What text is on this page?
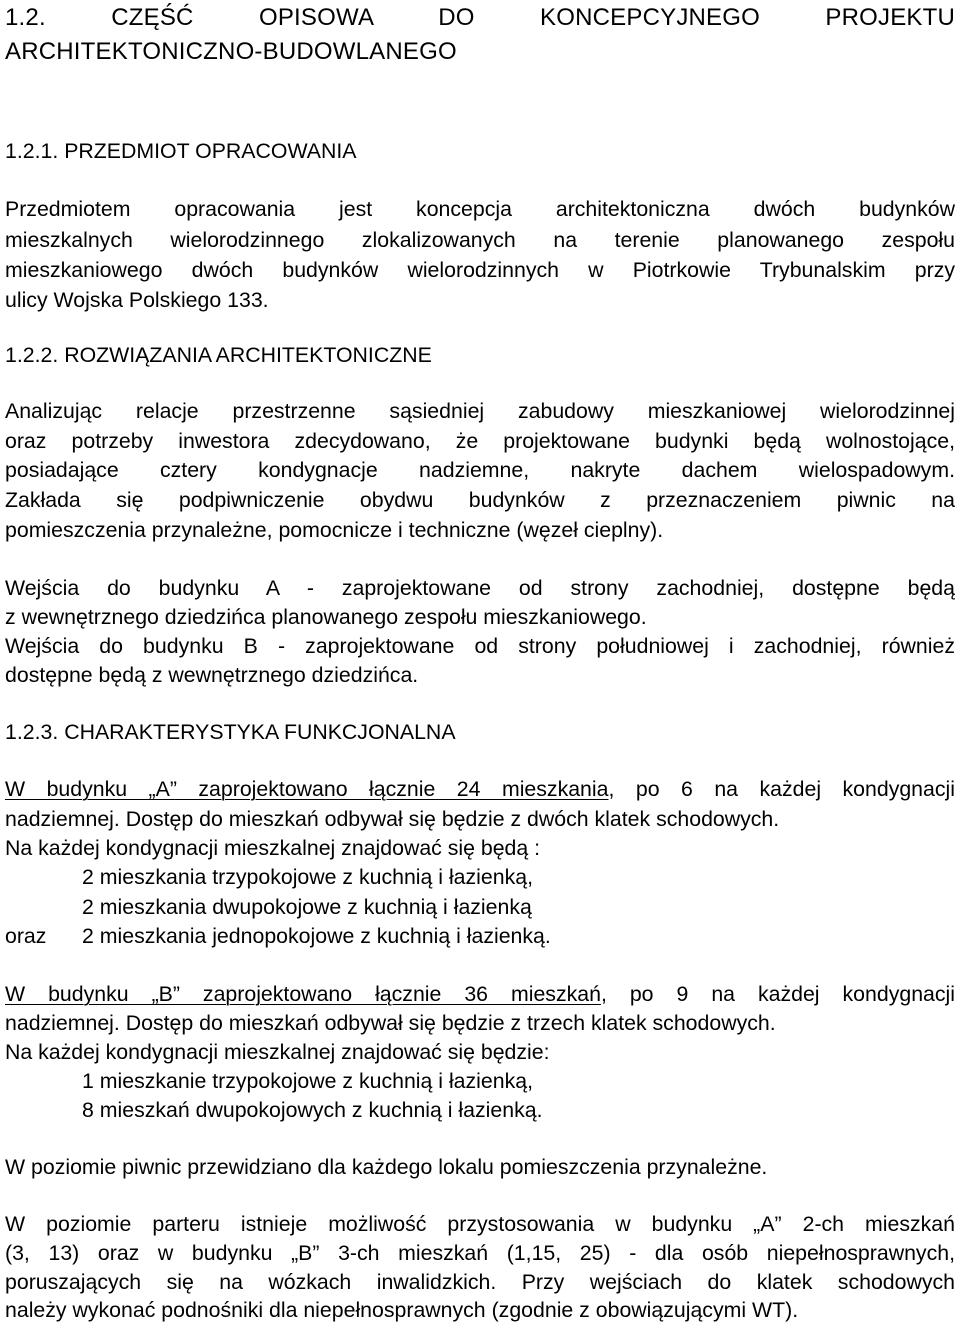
1.2.	CZĘŚĆ	OPISOWA	DO	KONCEPCYJNEGO	PROJEKTU
ARCHITEKTONICZNO-BUDOWLANEGO
1.2.1. PRZEDMIOT OPRACOWANIA
Przedmiotem opracowania jest koncepcja architektoniczna dwóch budynków
mieszkalnych wielorodzinnego zlokalizowanych na terenie planowanego zespołu
mieszkaniowego dwóch budynków wielorodzinnych w Piotrkowie Trybunalskim przy
ulicy Wojska Polskiego 133.
1.2.2. ROZWIĄZANIA ARCHITEKTONICZNE
Analizując relacje przestrzenne sąsiedniej zabudowy mieszkaniowej wielorodzinnej
oraz potrzeby inwestora zdecydowano, że projektowane budynki będą wolnostojące,
posiadające cztery kondygnacje nadziemne, nakryte dachem wielospadowym.
Zakłada się podpiwniczenie obydwu budynków z przeznaczeniem piwnic na
pomieszczenia przynależne, pomocnicze i techniczne (węzeł cieplny).
Wejścia do budynku A - zaprojektowane od strony zachodniej, dostępne będą
z wewnętrznego dziedzińca planowanego zespołu mieszkaniowego.
Wejścia do budynku B - zaprojektowane od strony południowej i zachodniej, również
dostępne będą z wewnętrznego dziedzińca.
1.2.3. CHARAKTERYSTYKA FUNKCJONALNA
W budynku „A” zaprojektowano łącznie 24 mieszkania, po 6 na każdej kondygnacji
nadziemnej. Dostęp do mieszkań odbywał się będzie z dwóch klatek schodowych.
Na każdej kondygnacji mieszkalnej znajdować się będą :
2 mieszkania trzypokojowe z kuchnią i łazienką,
2 mieszkania dwupokojowe z kuchnią i łazienką
oraz 2 mieszkania jednopokojowe z kuchnią i łazienką.
W budynku „B” zaprojektowano łącznie 36 mieszkań, po 9 na każdej kondygnacji
nadziemnej. Dostęp do mieszkań odbywał się będzie z trzech klatek schodowych.
Na każdej kondygnacji mieszkalnej znajdować się będzie:
1 mieszkanie trzypokojowe z kuchnią i łazienką,
8 mieszkań dwupokojowych z kuchnią i łazienką.
W poziomie piwnic przewidziano dla każdego lokalu pomieszczenia przynależne.
W poziomie parteru istnieje możliwość przystosowania w budynku „A” 2-ch mieszkań
(3, 13) oraz w budynku „B” 3-ch mieszkań (1,15, 25) - dla osób niepełnosprawnych,
poruszających się na wózkach inwalidzkich. Przy wejściach do klatek schodowych
należy wykonać podnośniki dla niepełnosprawnych (zgodnie z obowiązującymi WT).
